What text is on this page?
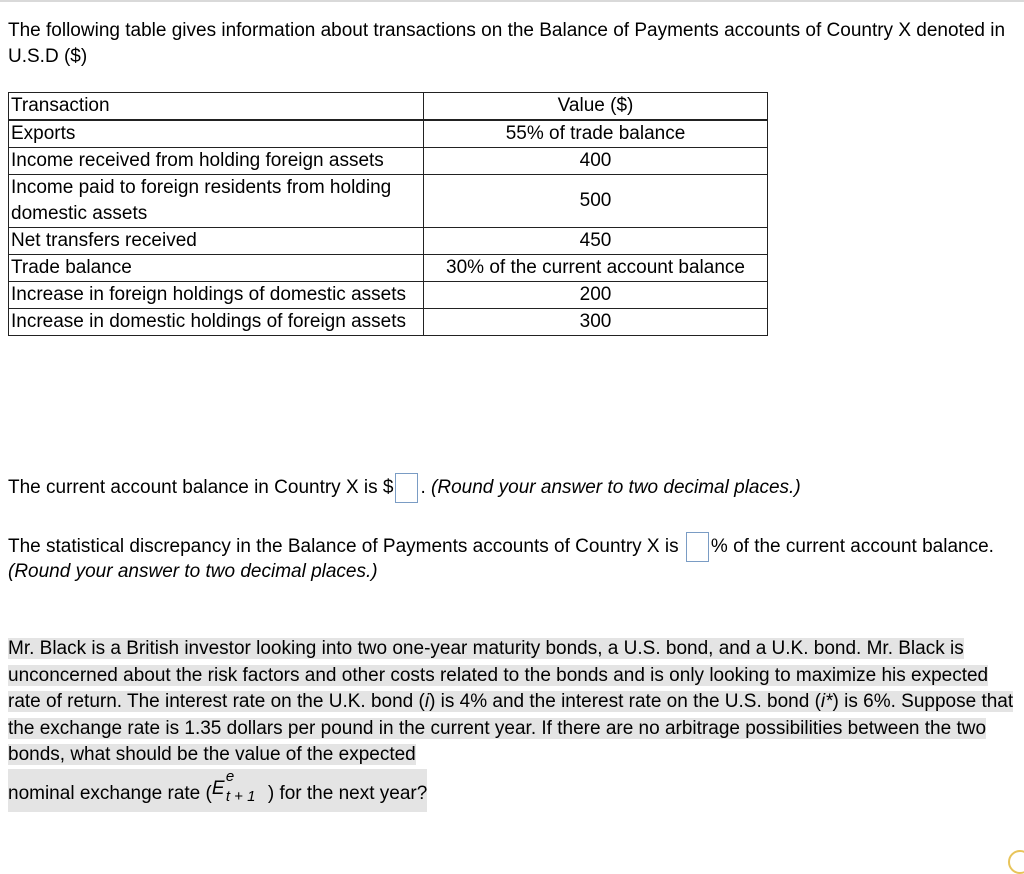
The following table gives information about transactions on the Balance of Payments accounts of Country X denoted in U.S.D ($)
Transaction	Value ($)
Exports	55% of trade balance
Income received from holding foreign assets	400
Income paid to foreign residents from holding domestic assets	500
Net transfers received	450
Trade balance	30% of the current account balance
Increase in foreign holdings of domestic assets	200
Increase in domestic holdings of foreign assets	300
The current account balance in Country X is $ . (Round your answer to two decimal places.)
The statistical discrepancy in the Balance of Payments accounts of Country X is % of the current account balance.
(Round your answer to two decimal places.)
Mr. Black is a British investor looking into two one-year maturity bonds, a U.S. bond, and a U.K. bond. Mr. Black is unconcerned about the risk factors and other costs related to the bonds and is only looking to maximize his expected rate of return. The interest rate on the U.K. bond (i) is 4% and the interest rate on the U.S. bond (i*) is 6%. Suppose that the exchange rate is 1.35 dollars per pound in the current year. If there are no arbitrage possibilities between the two bonds, what should be the value of the expected
nominal exchange rate ( E
e
t + 1 ) for the next year?
